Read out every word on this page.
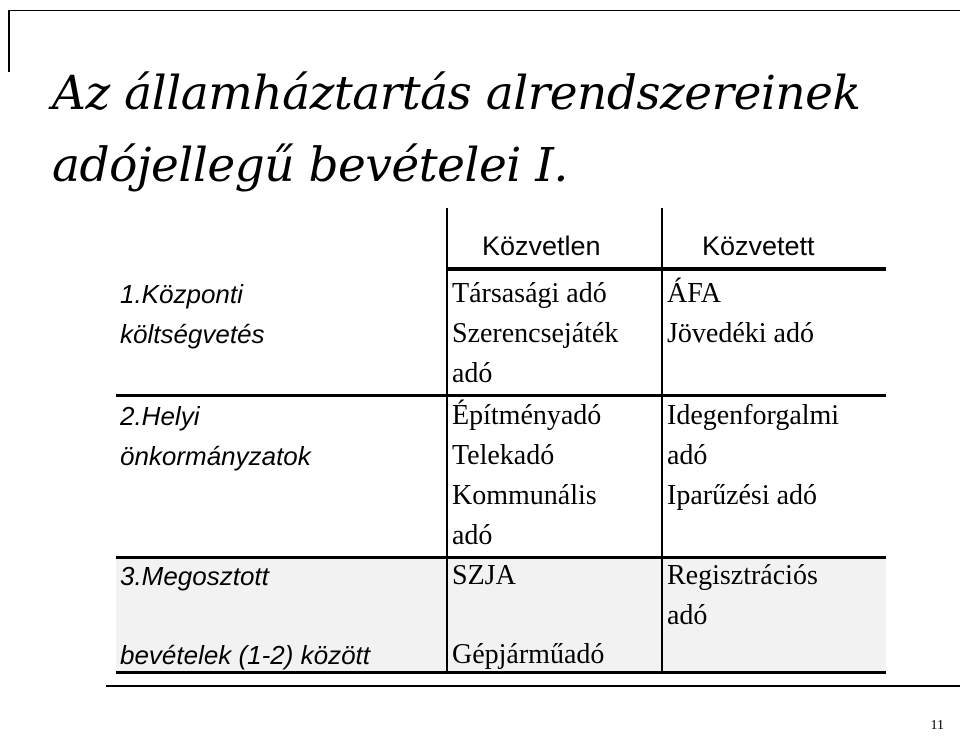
Az államháztartás alrendszereinek
adójellegű bevételei I.
Közvetlen	Közvetett
1.Központi
költségvetés
Társasági adó
Szerencsejáték
adó
ÁFA
Jövedéki adó
2.Helyi
önkormányzatok
Építményadó
Telekadó
Kommunális
adó
Idegenforgalmi
adó
Iparűzési adó
3.Megosztott
bevételek (1-2) között
SZJA
Gépjárműadó
Regisztrációs
adó
11
